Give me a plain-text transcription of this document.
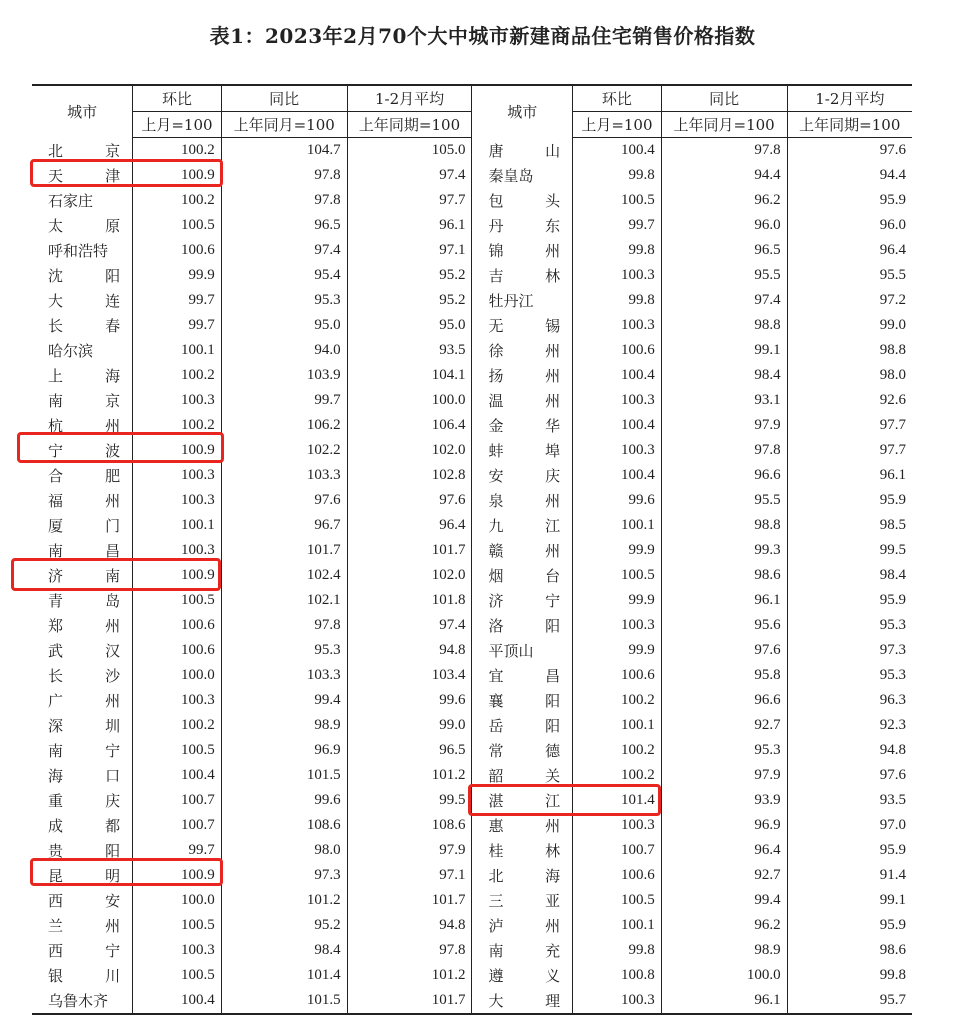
表1：2023年2月70个大中城市新建商品住宅销售价格指数
城市	环比	同比	1-2月平均	城市	环比	同比	1-2月平均
	上月=100	上年同月=100	上年同期=100		上月=100	上年同月=100	上年同期=100

北　京	100.2	104.7	105.0	唐　山	100.4	97.8	97.6

天　津	100.9	97.8	97.4	秦皇岛	99.8	94.4	94.4

石家庄	100.2	97.8	97.7	包　头	100.5	96.2	95.9

太　原	100.5	96.5	96.1	丹　东	99.7	96.0	96.0

呼和浩特	100.6	97.4	97.1	锦　州	99.8	96.5	96.4

沈　阳	99.9	95.4	95.2	吉　林	100.3	95.5	95.5

大　连	99.7	95.3	95.2	牡丹江	99.8	97.4	97.2

长　春	99.7	95.0	95.0	无　锡	100.3	98.8	99.0

哈尔滨	100.1	94.0	93.5	徐　州	100.6	99.1	98.8

上　海	100.2	103.9	104.1	扬　州	100.4	98.4	98.0

南　京	100.3	99.7	100.0	温　州	100.3	93.1	92.6

杭　州	100.2	106.2	106.4	金　华	100.4	97.9	97.7

宁　波	100.9	102.2	102.0	蚌　埠	100.3	97.8	97.7

合　肥	100.3	103.3	102.8	安　庆	100.4	96.6	96.1

福　州	100.3	97.6	97.6	泉　州	99.6	95.5	95.9

厦　门	100.1	96.7	96.4	九　江	100.1	98.8	98.5

南　昌	100.3	101.7	101.7	赣　州	99.9	99.3	99.5

济　南	100.9	102.4	102.0	烟　台	100.5	98.6	98.4

青　岛	100.5	102.1	101.8	济　宁	99.9	96.1	95.9

郑　州	100.6	97.8	97.4	洛　阳	100.3	95.6	95.3

武　汉	100.6	95.3	94.8	平顶山	99.9	97.6	97.3

长　沙	100.0	103.3	103.4	宜　昌	100.6	95.8	95.3

广　州	100.3	99.4	99.6	襄　阳	100.2	96.6	96.3

深　圳	100.2	98.9	99.0	岳　阳	100.1	92.7	92.3

南　宁	100.5	96.9	96.5	常　德	100.2	95.3	94.8

海　口	100.4	101.5	101.2	韶　关	100.2	97.9	97.6

重　庆	100.7	99.6	99.5	湛　江	101.4	93.9	93.5

成　都	100.7	108.6	108.6	惠　州	100.3	96.9	97.0

贵　阳	99.7	98.0	97.9	桂　林	100.7	96.4	95.9

昆　明	100.9	97.3	97.1	北　海	100.6	92.7	91.4

西　安	100.0	101.2	101.7	三　亚	100.5	99.4	99.1

兰　州	100.5	95.2	94.8	泸　州	100.1	96.2	95.9

西　宁	100.3	98.4	97.8	南　充	99.8	98.9	98.6

银　川	100.5	101.4	101.2	遵　义	100.8	100.0	99.8

乌鲁木齐	100.4	101.5	101.7	大　理	100.3	96.1	95.7
